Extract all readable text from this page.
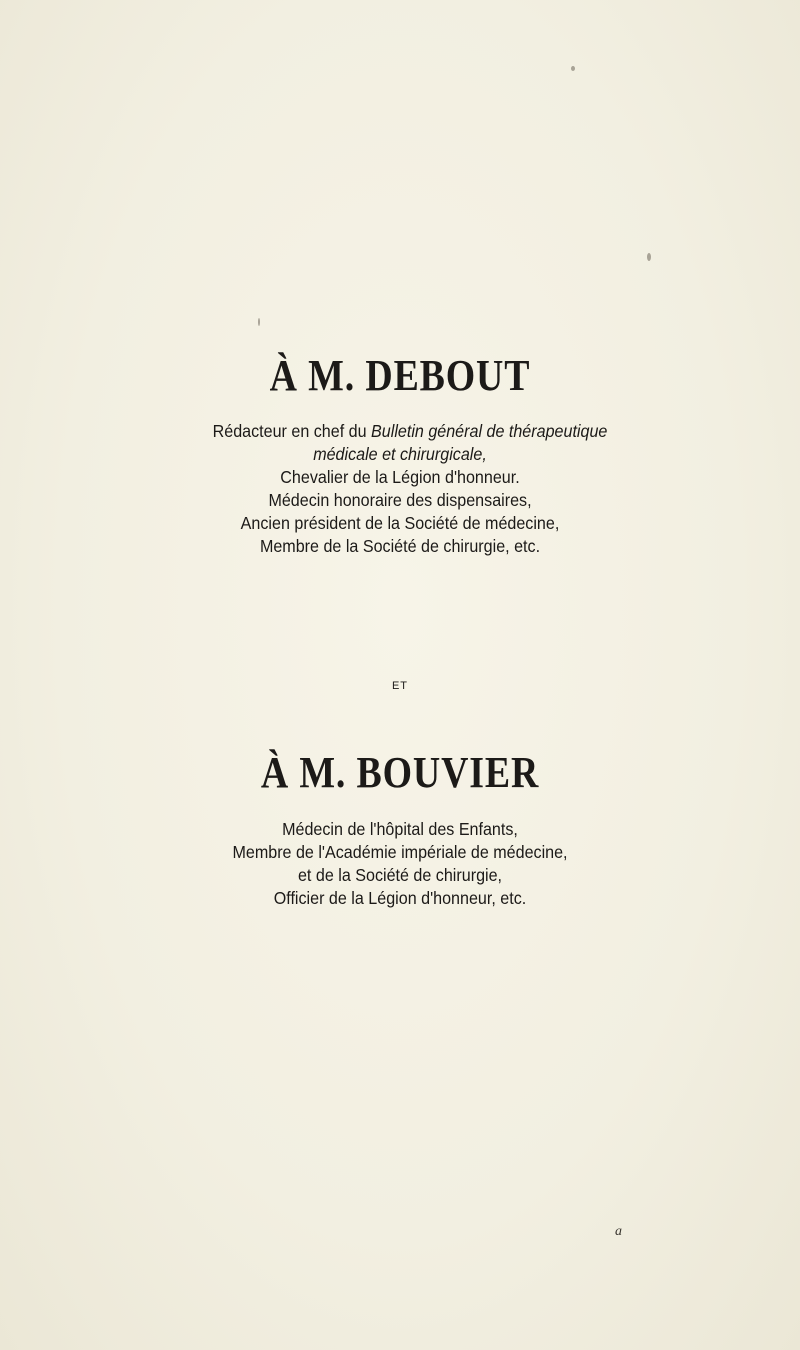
À M. DEBOUT
Rédacteur en chef du Bulletin général de thérapeutique
médicale et chirurgicale,
Chevalier de la Légion d'honneur.
Médecin honoraire des dispensaires,
Ancien président de la Société de médecine,
Membre de la Société de chirurgie, etc.
ET
À M. BOUVIER
Médecin de l'hôpital des Enfants,
Membre de l'Académie impériale de médecine,
et de la Société de chirurgie,
Officier de la Légion d'honneur, etc.
a
